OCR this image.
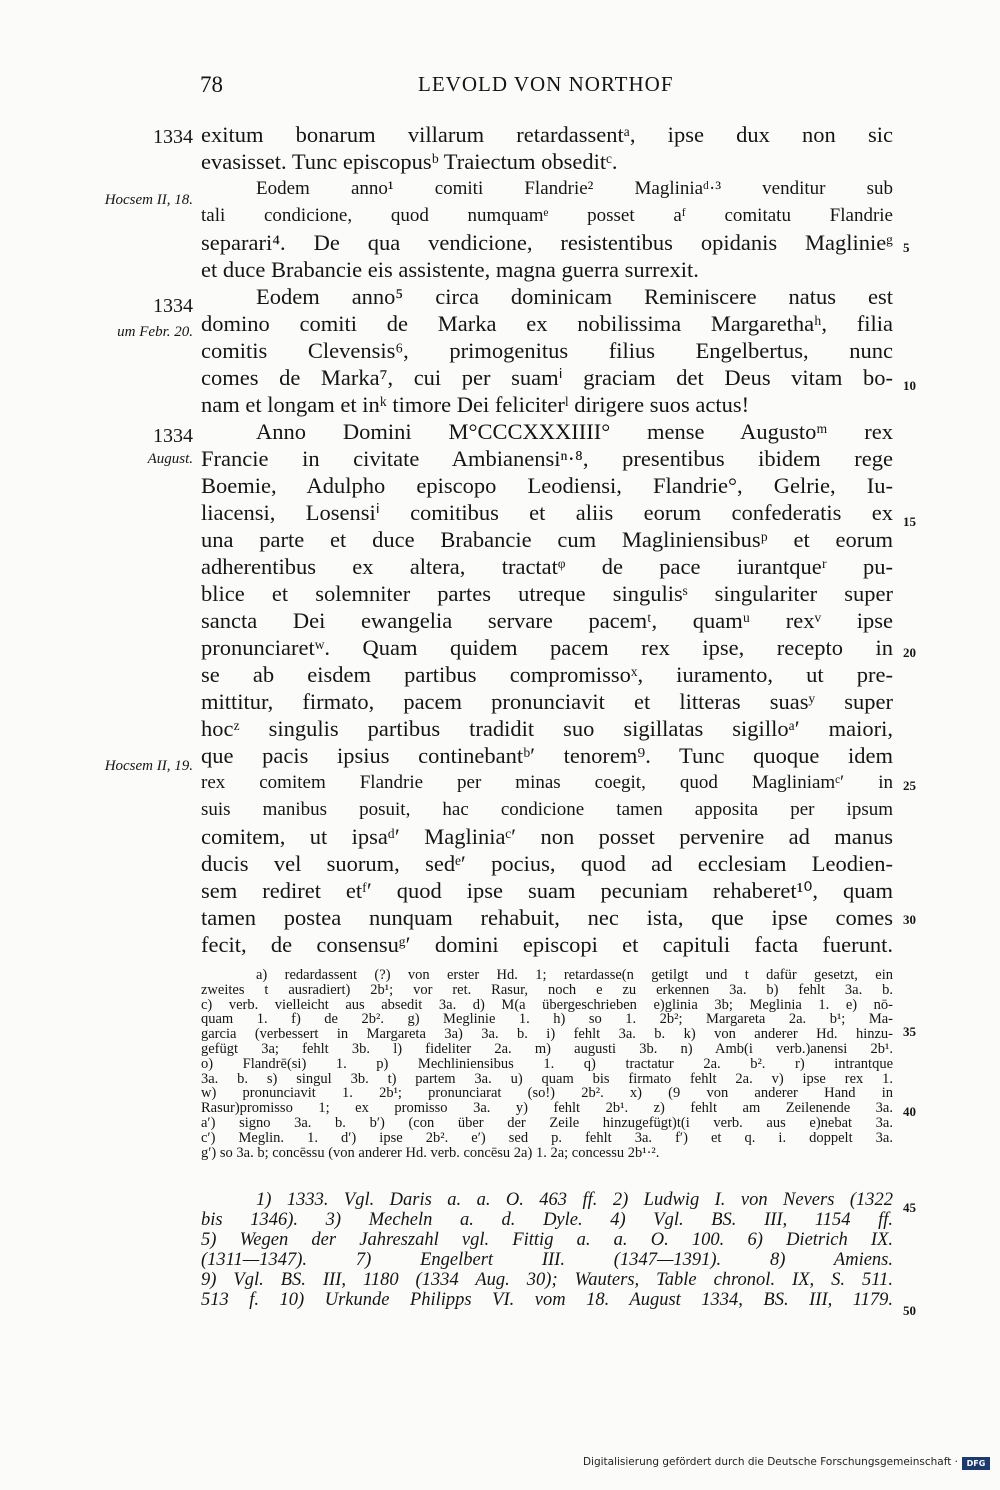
78	LEVOLD VON NORTHOF
exitum bonarum villarum retardassentᵃ, ipse dux non sic
evasisset. Tunc episcopusᵇ Traiectum obseditᶜ.
Eodem anno¹ comiti Flandrie² Magliniaᵈ·³ venditur sub
tali condicione, quod numquamᵉ posset aᶠ comitatu Flandrie
separari⁴. De qua vendicione, resistentibus opidanis Maglinieᵍ
et duce Brabancie eis assistente, magna guerra surrexit.
Eodem anno⁵ circa dominicam Reminiscere natus est
domino comiti de Marka ex nobilissima Margarethaʰ, filia
comitis Clevensis⁶, primogenitus filius Engelbertus, nunc
comes de Marka⁷, cui per suamⁱ graciam det Deus vitam bo-
nam et longam et inᵏ timore Dei feliciterˡ dirigere suos actus!
Anno Domini M°CCCXXXIIII° mense Augustoᵐ rex
Francie in civitate Ambianensiⁿ·⁸, presentibus ibidem rege
Boemie, Adulpho episcopo Leodiensi, Flandrie°, Gelrie, Iu-
liacensi, Losensiⁱ comitibus et aliis eorum confederatis ex
una parte et duce Brabancie cum Magliniensibusᵖ et eorum
adherentibus ex altera, tractatᵠ de pace iurantqueʳ pu-
blice et solemniter partes utreque singulisˢ singulariter super
sancta Dei ewangelia servare pacemᵗ, quamᵘ rexᵛ ipse
pronunciaretʷ. Quam quidem pacem rex ipse, recepto in
se ab eisdem partibus compromissoˣ, iuramento, ut pre-
mittitur, firmato, pacem pronunciavit et litteras suasʸ super
hocᶻ singulis partibus tradidit suo sigillatas sigilloᵃ′ maiori,
que pacis ipsius continebantᵇ′ tenorem⁹. Tunc quoque idem
rex comitem Flandrie per minas coegit, quod Magliniamᶜ′ in
suis manibus posuit, hac condicione tamen apposita per ipsum
comitem, ut ipsaᵈ′ Magliniaᶜ′ non posset pervenire ad manus
ducis vel suorum, sedᵉ′ pocius, quod ad ecclesiam Leodien-
sem rediret etᶠ′ quod ipse suam pecuniam rehaberet¹⁰, quam
tamen postea nunquam rehabuit, nec ista, que ipse comes
fecit, de consensuᵍ′ domini episcopi et capituli facta fuerunt.
1334
Hocsem II, 18.
1334
um Febr. 20.
1334
August.
Hocsem II, 19.
5
10
15
20
25
30
35
40
45
50
a) redardassent (?) von erster Hd. 1; retardasse(n getilgt und t dafür gesetzt, ein
zweites t ausradiert) 2b¹; vor ret. Rasur, noch e zu erkennen 3a. b) fehlt 3a. b.
c) verb. vielleicht aus absedit 3a. d) M(a übergeschrieben e)glinia 3b; Meglinia 1. e) nō-
quam 1. f) de 2b². g) Meglinie 1. h) so 1. 2b²; Margareta 2a. b¹; Ma-
garcia (verbessert in Margareta 3a) 3a. b. i) fehlt 3a. b. k) von anderer Hd. hinzu-
gefügt 3a; fehlt 3b. l) fideliter 2a. m) augusti 3b. n) Amb(i verb.)anensi 2b¹.
o) Flandrē(si) 1. p) Mechliniensibus 1. q) tractatur 2a. b². r) intrantque
3a. b. s) singul 3b. t) partem 3a. u) quam bis firmato fehlt 2a. v) ipse rex 1.
w) pronunciavit 1. 2b¹; pronunciarat (so!) 2b². x) (9 von anderer Hand in
Rasur)promisso 1; ex promisso 3a. y) fehlt 2b¹. z) fehlt am Zeilenende 3a.
a′) signo 3a. b. b′) (con über der Zeile hinzugefügt)t(i verb. aus e)nebat 3a.
c′) Meglin. 1. d′) ipse 2b². e′) sed p. fehlt 3a. f′) et q. i. doppelt 3a.
g′) so 3a. b; concēssu (von anderer Hd. verb. concēsu 2a) 1. 2a; concessu 2b¹·².
1) 1333. Vgl. Daris a. a. O. 463 ff. 2) Ludwig I. von Nevers (1322
bis 1346). 3) Mecheln a. d. Dyle. 4) Vgl. BS. III, 1154 ff.
5) Wegen der Jahreszahl vgl. Fittig a. a. O. 100. 6) Dietrich IX.
(1311—1347). 7) Engelbert III. (1347—1391). 8) Amiens.
9) Vgl. BS. III, 1180 (1334 Aug. 30); Wauters, Table chronol. IX, S. 511.
513 f. 10) Urkunde Philipps VI. vom 18. August 1334, BS. III, 1179.
Digitalisierung gefördert durch die Deutsche Forschungsgemeinschaft ·	DFG
